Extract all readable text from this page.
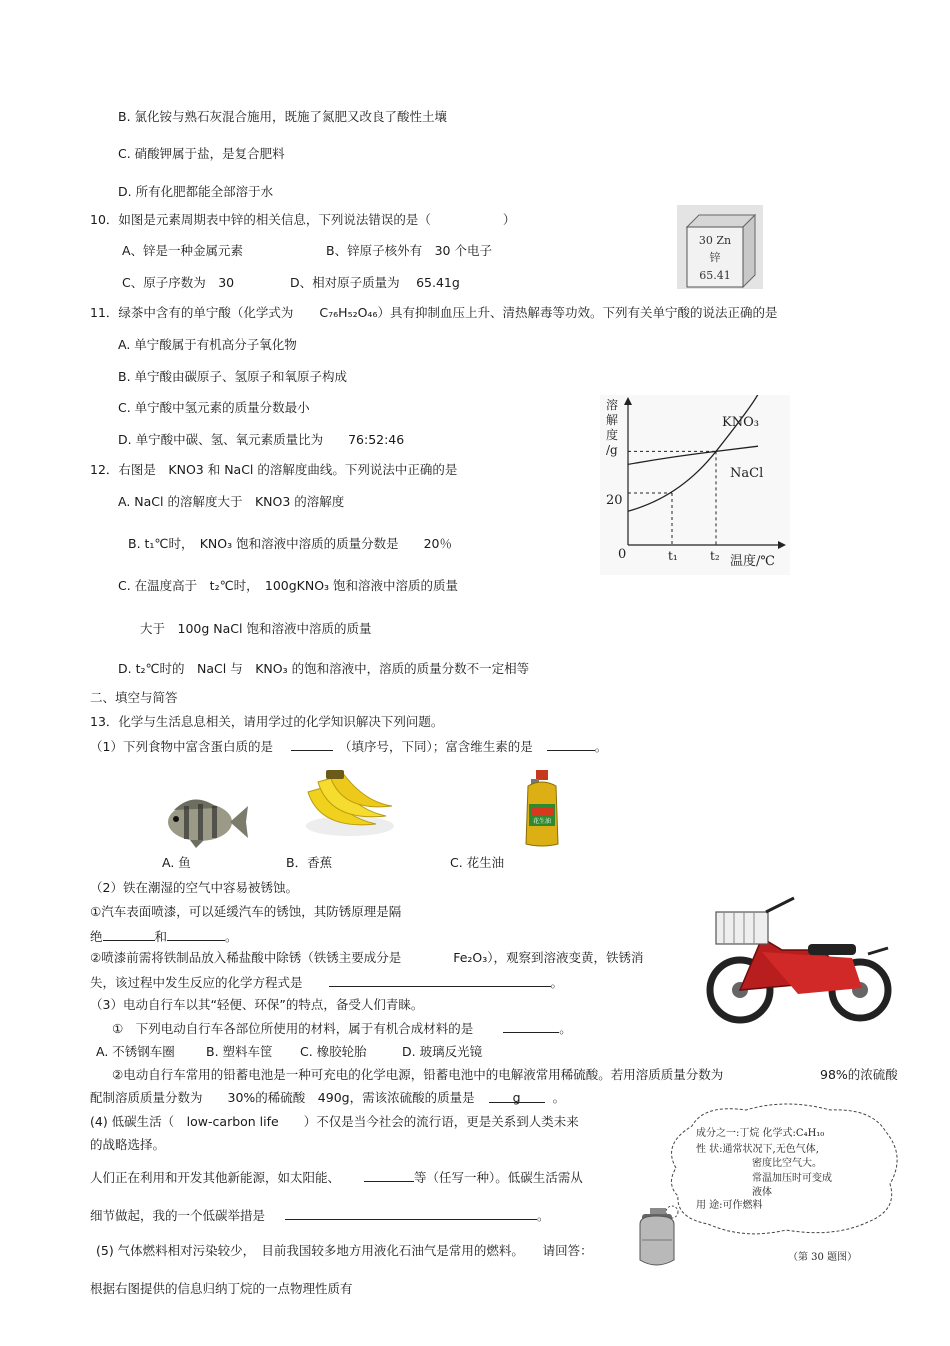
B. 氯化铵与熟石灰混合施用，既施了氮肥又改良了酸性土壤
C. 硝酸钾属于盐，是复合肥料
D. 所有化肥都能全部溶于水
10．如图是元素周期表中锌的相关信息，下列说法错误的是（	）
A、锌是一种金属元素	B、锌原子核外有　30 个电子
C、原子序数为　30	D、相对原子质量为　 65.41g
30 Zn
锌
65.41
11．绿茶中含有的单宁酸（化学式为 C₇₆H₅₂O₄₆）具有抑制血压上升、清热解毒等功效。下列有关单宁酸的说法正确的是
A. 单宁酸属于有机高分子氧化物
B. 单宁酸由碳原子、氢原子和氧原子构成
C. 单宁酸中氢元素的质量分数最小
D. 单宁酸中碳、氢、氧元素质量比为　　76:52:46
12．右图是　KNO3 和 NaCl 的溶解度曲线。下列说法中正确的是
A. NaCl 的溶解度大于　KNO3 的溶解度
B. t₁℃时，　KNO₃ 饱和溶液中溶质的质量分数是　　20％
C. 在温度高于　t₂℃时，　100gKNO₃ 饱和溶液中溶质的质量
大于　100g NaCl 饱和溶液中溶质的质量
D. t₂℃时的　NaCl 与　KNO₃ 的饱和溶液中，溶质的质量分数不一定相等
溶
解
度
/g
KNO₃
NaCl
20
0	t₁	t₂ 温度/℃
二、填空与简答
13．化学与生活息息相关，请用学过的化学知识解决下列问题。
（1）下列食物中富含蛋白质的是	（填序号，下同）；富含维生素的是	。
花生油
A. 鱼	B．香蕉	C. 花生油
（2）铁在潮湿的空气中容易被锈蚀。
①汽车表面喷漆，可以延缓汽车的锈蚀，其防锈原理是隔
绝	和	。
②喷漆前需将铁制品放入稀盐酸中除锈（铁锈主要成分是	Fe₂O₃），观察到溶液变黄，铁锈消
失，该过程中发生反应的化学方程式是	。
（3）电动自行车以其“轻便、环保”的特点，备受人们青睐。
①　下列电动自行车各部位所使用的材料，属于有机合成材料的是	。
A. 不锈钢车圈 B. 塑料车筐 C. 橡胶轮胎	D. 玻璃反光镜
②电动自行车常用的铅蓄电池是一种可充电的化学电源，铅蓄电池中的电解液常用稀硫酸。若用溶质质量分数为	98%的浓硫酸
配制溶质质量分数为　　30%的稀硫酸　490g，需该浓硫酸的质量是	g	。
(4) 低碳生活（　low-carbon life　　）不仅是当今社会的流行语，更是关系到人类未来
的战略选择。
人们正在利用和开发其他新能源，如太阳能、	等（任写一种）。低碳生活需从
细节做起，我的一个低碳举措是	。
(5) 气体燃料相对污染较少，　目前我国较多地方用液化石油气是常用的燃料。　　请回答：
根据右图提供的信息归纳丁烷的一点物理性质有
成分之一:丁烷 化学式:C₄H₁₀
性 状:通常状况下,无色气体,
密度比空气大。
常温加压时可变成
液体
用 途:可作燃料
（第 30 题图）
